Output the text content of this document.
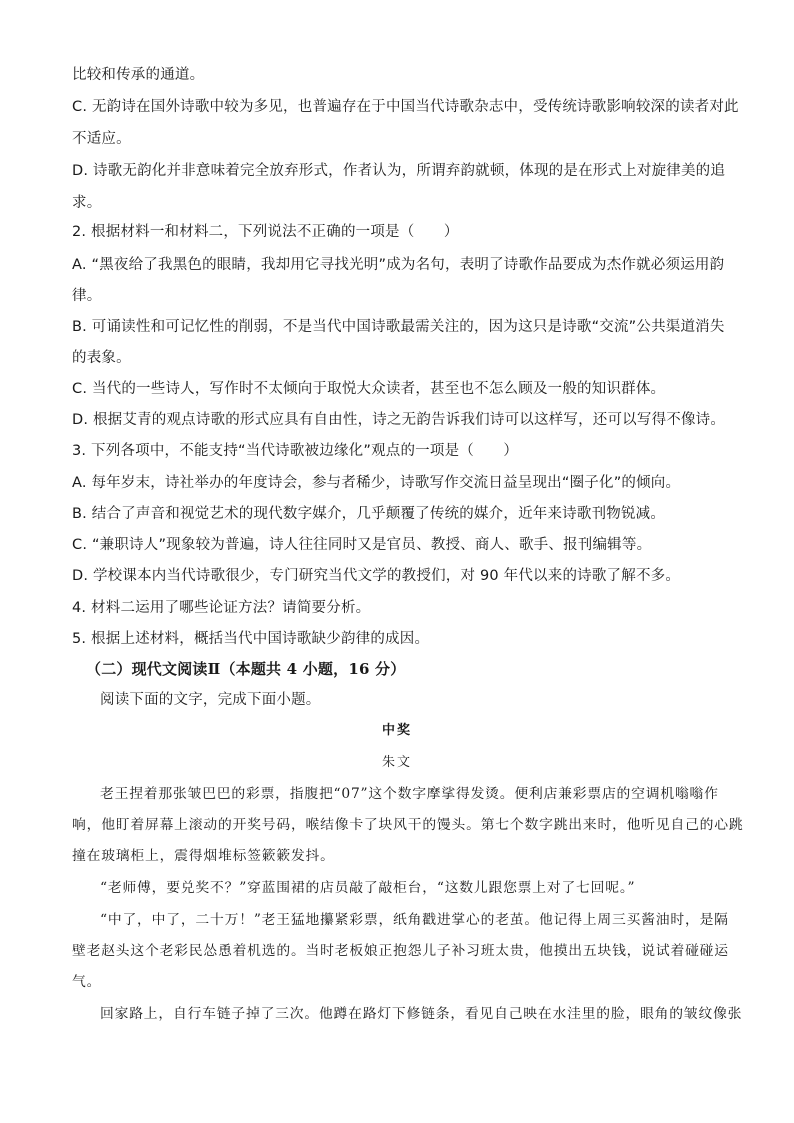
比较和传承的通道。
C. 无韵诗在国外诗歌中较为多见，也普遍存在于中国当代诗歌杂志中，受传统诗歌影响较深的读者对此
不适应。
D. 诗歌无韵化并非意味着完全放弃形式，作者认为，所谓弃韵就顿，体现的是在形式上对旋律美的追
求。
2. 根据材料一和材料二，下列说法不正确的一项是（　　）
A. “黑夜给了我黑色的眼睛，我却用它寻找光明”成为名句，表明了诗歌作品要成为杰作就必须运用韵
律。
B. 可诵读性和可记忆性的削弱，不是当代中国诗歌最需关注的，因为这只是诗歌“交流”公共渠道消失
的表象。
C. 当代的一些诗人，写作时不太倾向于取悦大众读者，甚至也不怎么顾及一般的知识群体。
D. 根据艾青的观点诗歌的形式应具有自由性，诗之无韵告诉我们诗可以这样写，还可以写得不像诗。
3. 下列各项中，不能支持“当代诗歌被边缘化”观点的一项是（　　）
A. 每年岁末，诗社举办的年度诗会，参与者稀少，诗歌写作交流日益呈现出“圈子化”的倾向。
B. 结合了声音和视觉艺术的现代数字媒介，几乎颠覆了传统的媒介，近年来诗歌刊物锐减。
C. “兼职诗人”现象较为普遍，诗人往往同时又是官员、教授、商人、歌手、报刊编辑等。
D. 学校课本内当代诗歌很少，专门研究当代文学的教授们，对 90 年代以来的诗歌了解不多。
4. 材料二运用了哪些论证方法？请简要分析。
5. 根据上述材料，概括当代中国诗歌缺少韵律的成因。
（二）现代文阅读Ⅱ（本题共 4 小题，16 分）
阅读下面的文字，完成下面小题。
中奖
朱文
老王捏着那张皱巴巴的彩票，指腹把“07”这个数字摩挲得发烫。便利店兼彩票店的空调机嗡嗡作
响，他盯着屏幕上滚动的开奖号码，喉结像卡了块风干的馒头。第七个数字跳出来时，他听见自己的心跳
撞在玻璃柜上，震得烟堆标签簌簌发抖。
“老师傅，要兑奖不？”穿蓝围裙的店员敲了敲柜台，“这数儿跟您票上对了七回呢。”
“中了，中了，二十万！”老王猛地攥紧彩票，纸角戳进掌心的老茧。他记得上周三买酱油时，是隔
壁老赵头这个老彩民怂恿着机选的。当时老板娘正抱怨儿子补习班太贵，他摸出五块钱，说试着碰碰运
气。
回家路上，自行车链子掉了三次。他蹲在路灯下修链条，看见自己映在水洼里的脸，眼角的皱纹像张
